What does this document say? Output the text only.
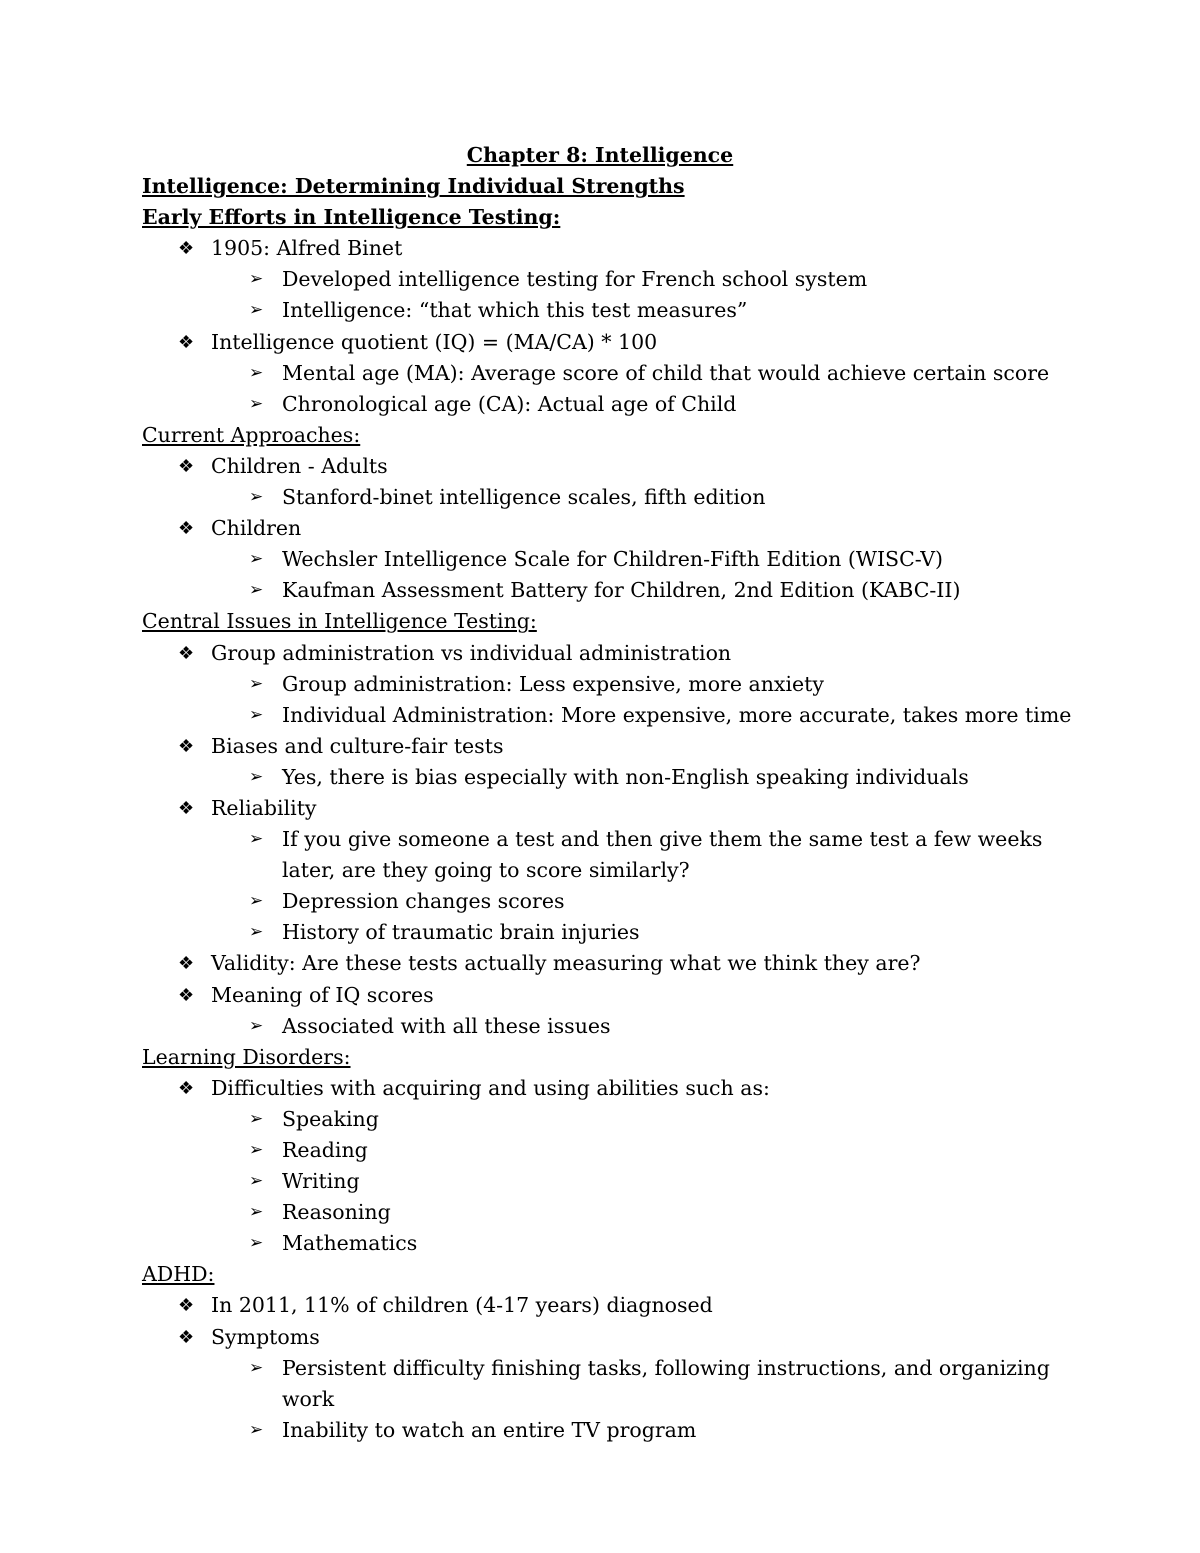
Chapter 8: Intelligence
Intelligence: Determining Individual Strengths
Early Efforts in Intelligence Testing:
❖ 1905: Alfred Binet
➢ Developed intelligence testing for French school system
➢ Intelligence: “that which this test measures”
❖ Intelligence quotient (IQ) = (MA/CA) * 100
➢ Mental age (MA): Average score of child that would achieve certain score
➢ Chronological age (CA): Actual age of Child
Current Approaches:
❖ Children - Adults
➢ Stanford-binet intelligence scales, fifth edition
❖ Children
➢ Wechsler Intelligence Scale for Children-Fifth Edition (WISC-V)
➢ Kaufman Assessment Battery for Children, 2nd Edition (KABC-II)
Central Issues in Intelligence Testing:
❖ Group administration vs individual administration
➢ Group administration: Less expensive, more anxiety
➢ Individual Administration: More expensive, more accurate, takes more time
❖ Biases and culture-fair tests
➢ Yes, there is bias especially with non-English speaking individuals
❖ Reliability
➢ If you give someone a test and then give them the same test a few weeks later, are they going to score similarly?
➢ Depression changes scores
➢ History of traumatic brain injuries
❖ Validity: Are these tests actually measuring what we think they are?
❖ Meaning of IQ scores
➢ Associated with all these issues
Learning Disorders:
❖ Difficulties with acquiring and using abilities such as:
➢ Speaking
➢ Reading
➢ Writing
➢ Reasoning
➢ Mathematics
ADHD:
❖ In 2011, 11% of children (4-17 years) diagnosed
❖ Symptoms
➢ Persistent difficulty finishing tasks, following instructions, and organizing work
➢ Inability to watch an entire TV program
